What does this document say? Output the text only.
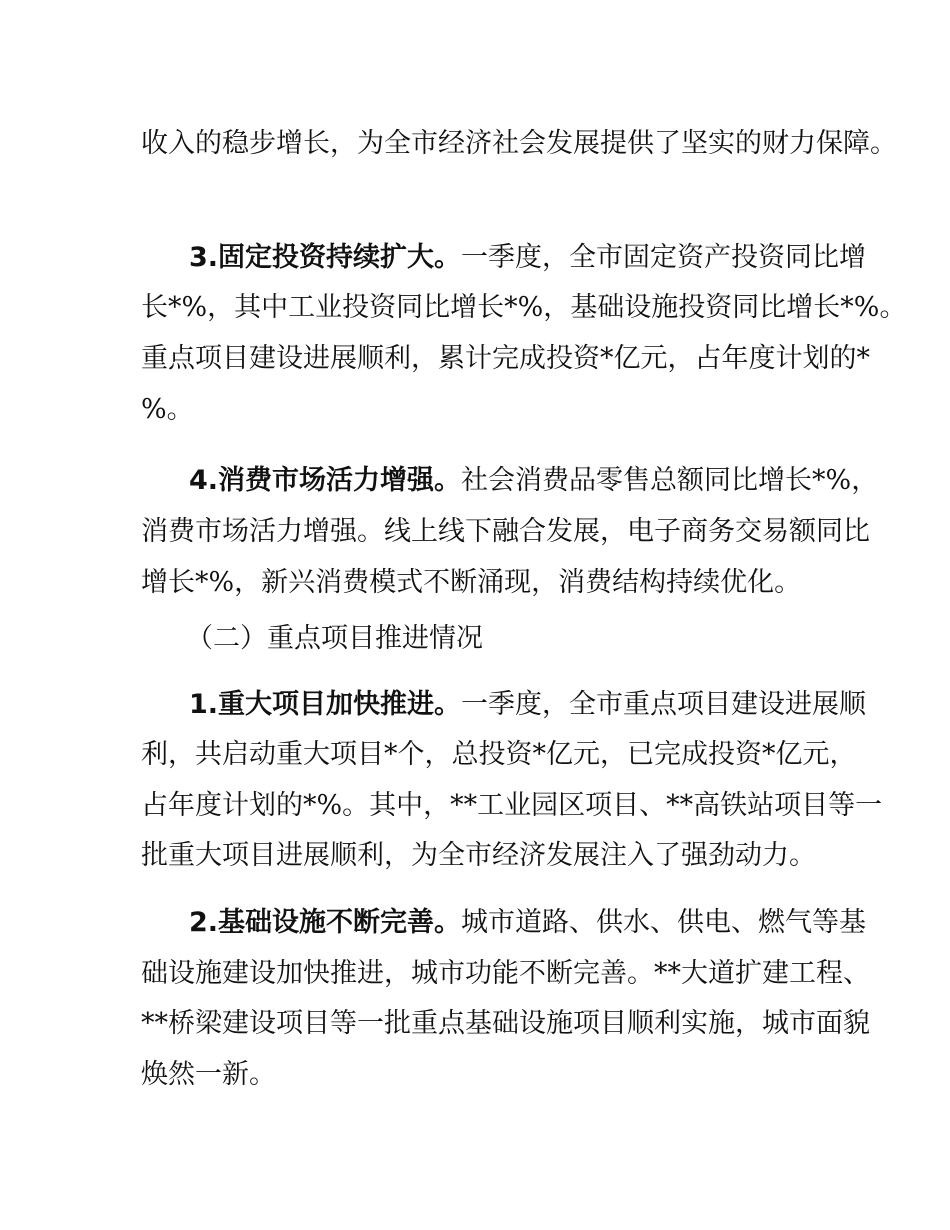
收入的稳步增长，为全市经济社会发展提供了坚实的财力保障。
3.固定投资持续扩大。一季度，全市固定资产投资同比增
长*%，其中工业投资同比增长*%，基础设施投资同比增长*%。
重点项目建设进展顺利，累计完成投资*亿元，占年度计划的*
%。
4.消费市场活力增强。社会消费品零售总额同比增长*%，
消费市场活力增强。线上线下融合发展，电子商务交易额同比
增长*%，新兴消费模式不断涌现，消费结构持续优化。
（二）重点项目推进情况
1.重大项目加快推进。一季度，全市重点项目建设进展顺
利，共启动重大项目*个，总投资*亿元，已完成投资*亿元，
占年度计划的*%。其中，**工业园区项目、**高铁站项目等一
批重大项目进展顺利，为全市经济发展注入了强劲动力。
2.基础设施不断完善。城市道路、供水、供电、燃气等基
础设施建设加快推进，城市功能不断完善。**大道扩建工程、
**桥梁建设项目等一批重点基础设施项目顺利实施，城市面貌
焕然一新。
